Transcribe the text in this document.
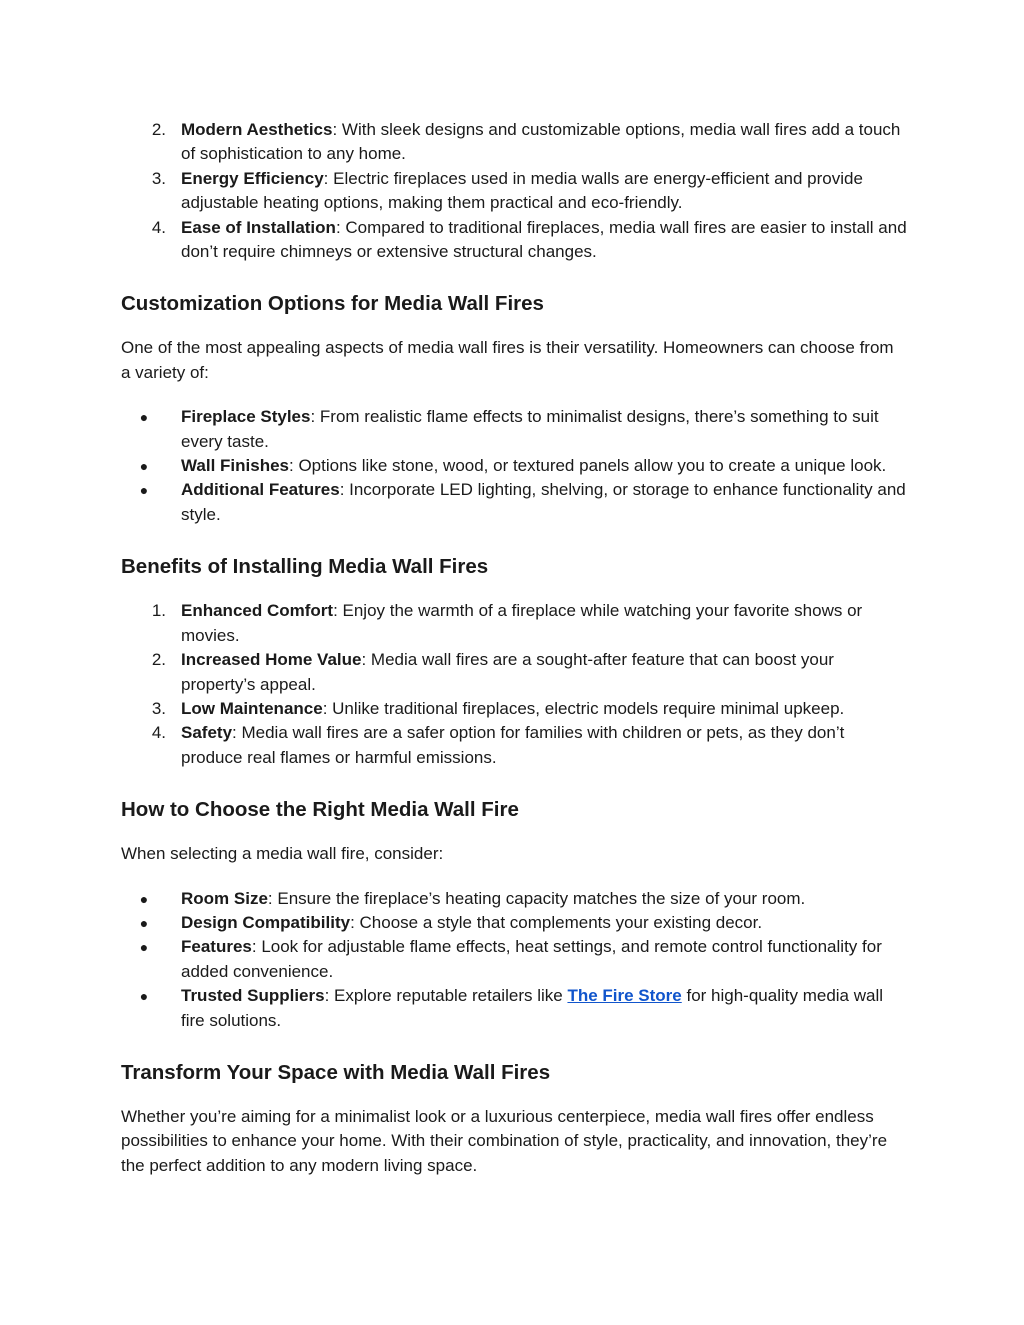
2. Modern Aesthetics: With sleek designs and customizable options, media wall fires add a touch of sophistication to any home.
3. Energy Efficiency: Electric fireplaces used in media walls are energy-efficient and provide adjustable heating options, making them practical and eco-friendly.
4. Ease of Installation: Compared to traditional fireplaces, media wall fires are easier to install and don’t require chimneys or extensive structural changes.
Customization Options for Media Wall Fires

One of the most appealing aspects of media wall fires is their versatility. Homeowners can choose from a variety of:

● Fireplace Styles: From realistic flame effects to minimalist designs, there’s something to suit every taste.
● Wall Finishes: Options like stone, wood, or textured panels allow you to create a unique look.
● Additional Features: Incorporate LED lighting, shelving, or storage to enhance functionality and style.
Benefits of Installing Media Wall Fires
1. Enhanced Comfort: Enjoy the warmth of a fireplace while watching your favorite shows or movies.
2. Increased Home Value: Media wall fires are a sought-after feature that can boost your property’s appeal.
3. Low Maintenance: Unlike traditional fireplaces, electric models require minimal upkeep.
4. Safety: Media wall fires are a safer option for families with children or pets, as they don’t produce real flames or harmful emissions.
How to Choose the Right Media Wall Fire

When selecting a media wall fire, consider:

● Room Size: Ensure the fireplace’s heating capacity matches the size of your room.
● Design Compatibility: Choose a style that complements your existing decor.
● Features: Look for adjustable flame effects, heat settings, and remote control functionality for added convenience.
● Trusted Suppliers: Explore reputable retailers like The Fire Store for high-quality media wall fire solutions.
Transform Your Space with Media Wall Fires

Whether you’re aiming for a minimalist look or a luxurious centerpiece, media wall fires offer endless possibilities to enhance your home. With their combination of style, practicality, and innovation, they’re the perfect addition to any modern living space.
